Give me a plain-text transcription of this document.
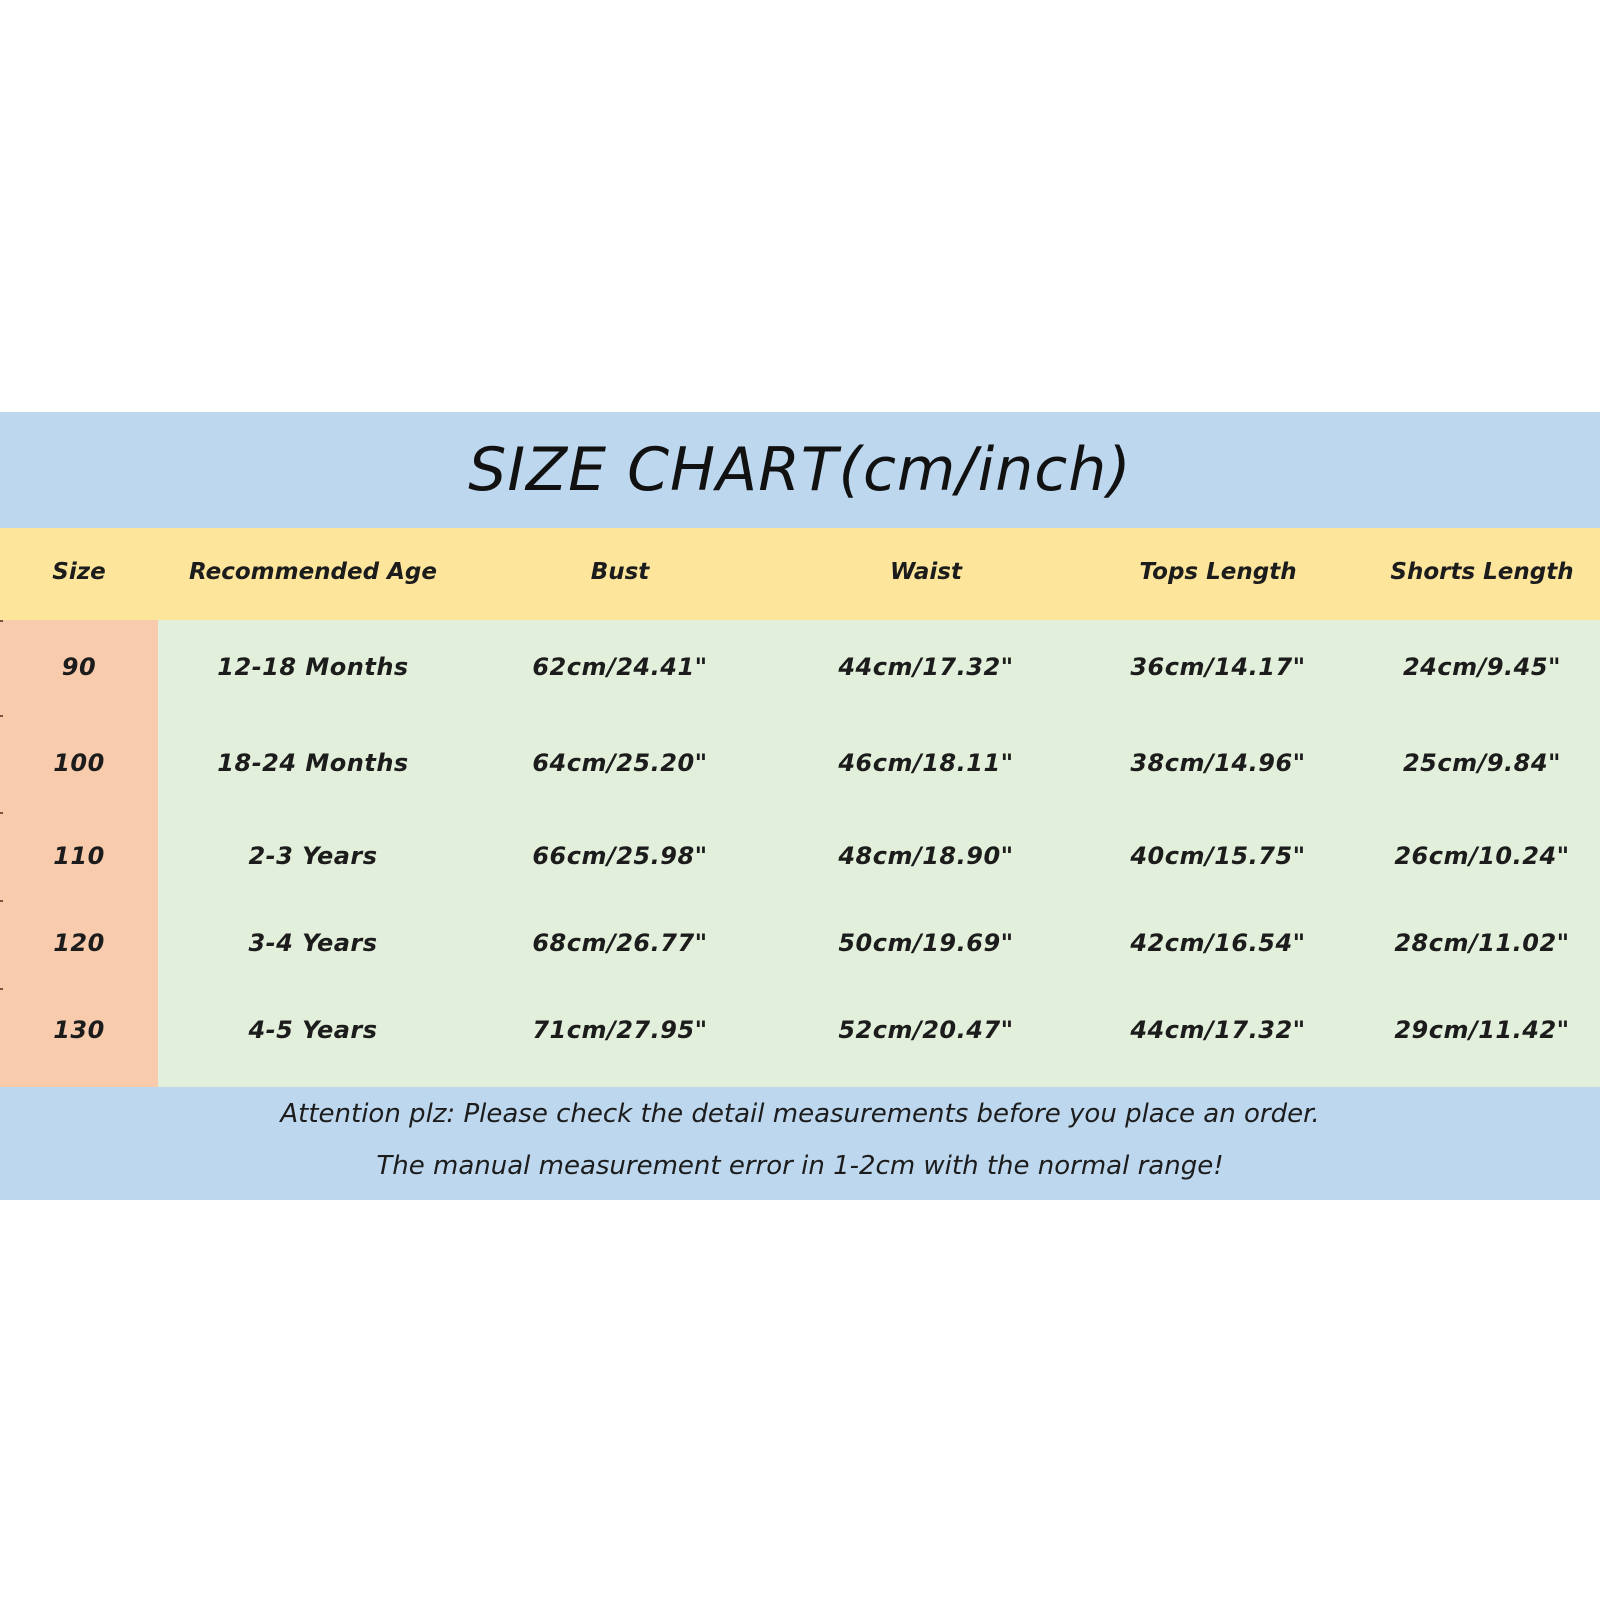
SIZE CHART(cm/inch)
Attention plz: Please check the detail measurements before you place an order.
The manual measurement error in 1-2cm with the normal range!
Size	Recommended Age	Bust	Waist	Tops Length	Shorts Length
90	12-18 Months	62cm/24.41"	44cm/17.32"	36cm/14.17"	24cm/9.45"
100	18-24 Months	64cm/25.20"	46cm/18.11"	38cm/14.96"	25cm/9.84"
110	2-3 Years	66cm/25.98"	48cm/18.90"	40cm/15.75"	26cm/10.24"
120	3-4 Years	68cm/26.77"	50cm/19.69"	42cm/16.54"	28cm/11.02"
130	4-5 Years	71cm/27.95"	52cm/20.47"	44cm/17.32"	29cm/11.42"
